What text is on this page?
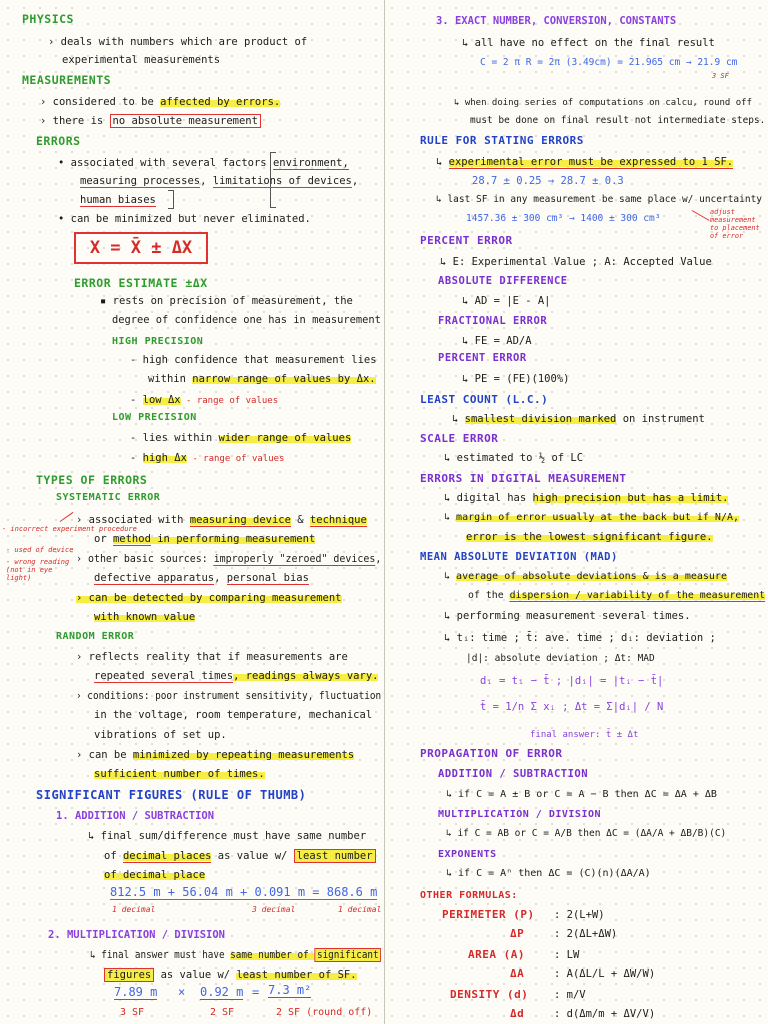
PHYSICS
› deals with numbers which are product of
experimental measurements
MEASUREMENTS
› considered to be affected by errors.
› there is no absolute measurement
ERRORS
• associated with several factors environment,
measuring processes, limitations of devices,
human biases
• can be minimized but never eliminated.
X = X̄ ± ΔX
ERROR ESTIMATE ±ΔX
▪ rests on precision of measurement, the
degree of confidence one has in measurement
HIGH PRECISION
- high confidence that measurement lies
within narrow range of values by Δx.
- low Δx - range of values
LOW PRECISION
- lies within wider range of values
- high Δx - range of values
TYPES OF ERRORS
SYSTEMATIC ERROR
- incorrect experiment procedure
- used of device
- wrong reading (not in eye light)
› associated with measuring device & technique
or method in performing measurement
› other basic sources: improperly "zeroed" devices,
defective apparatus, personal bias
› can be detected by comparing measurement
with known value
RANDOM ERROR
› reflects reality that if measurements are
repeated several times, readings always vary.
› conditions: poor instrument sensitivity, fluctuation
in the voltage, room temperature, mechanical
vibrations of set up.
› can be minimized by repeating measurements
sufficient number of times.
SIGNIFICANT FIGURES (RULE OF THUMB)
1. ADDITION / SUBTRACTION
↳ final sum/difference must have same number
of decimal places as value w/ least number
of decimal place
812.5 m + 56.04 m + 0.091 m = 868.6 m
1 decimal	3 decimal	1 decimal
2. MULTIPLICATION / DIVISION
↳ final answer must have same number of significant
figures as value w/ least number of SF.
7.89 m × 0.92 m = 7.3 m²
3 SF	2 SF	2 SF (round off)
3. EXACT NUMBER, CONVERSION, CONSTANTS
↳ all have no effect on the final result
C = 2 π R = 2π (3.49cm) = 21.965 cm → 21.9 cm
3 SF
↳ when doing series of computations on calcu, round off
must be done on final result not intermediate steps.
RULE FOR STATING ERRORS
↳ experimental error must be expressed to 1 SF.
28.7 ± 0.25 → 28.7 ± 0.3
↳ last SF in any measurement be same place w/ uncertainty
1457.36 ± 300 cm³ → 1400 ± 300 cm³
adjust measurement to placement of error
PERCENT ERROR
↳ E: Experimental Value ; A: Accepted Value
ABSOLUTE DIFFERENCE
↳ AD = |E - A|
FRACTIONAL ERROR
↳ FE = AD/A
PERCENT ERROR
↳ PE = (FE)(100%)
LEAST COUNT (L.C.)
↳ smallest division marked on instrument
SCALE ERROR
↳ estimated to ½ of LC
ERRORS IN DIGITAL MEASUREMENT
↳ digital has high precision but has a limit.
↳ margin of error usually at the back but if N/A,
error is the lowest significant figure.
MEAN ABSOLUTE DEVIATION (MAD)
↳ average of absolute deviations & is a measure
of the dispersion / variability of the measurement
↳ performing measurement several times.
↳ tᵢ: time ; t̄: ave. time ; dᵢ: deviation ;
|d|: absolute deviation ; Δt: MAD
dᵢ = tᵢ − t̄ ; |dᵢ| = |tᵢ − t̄|
t̄ = 1/n Σ xᵢ ; Δt = Σ|dᵢ| / N
final answer: t̄ ± Δt
PROPAGATION OF ERROR
ADDITION / SUBTRACTION
↳ if C = A ± B or C = A − B then ΔC = ΔA + ΔB
MULTIPLICATION / DIVISION
↳ if C = AB or C = A/B then ΔC = (ΔA/A + ΔB/B)(C)
EXPONENTS
↳ if C = Aⁿ then ΔC = (C)(n)(ΔA/A)
OTHER FORMULAS:
PERIMETER (P) : 2(L+W)
ΔP	: 2(ΔL+ΔW)
AREA (A)	: LW
ΔA	: A(ΔL/L + ΔW/W)
DENSITY (d) : m/V
Δd	: d(Δm/m + ΔV/V)
